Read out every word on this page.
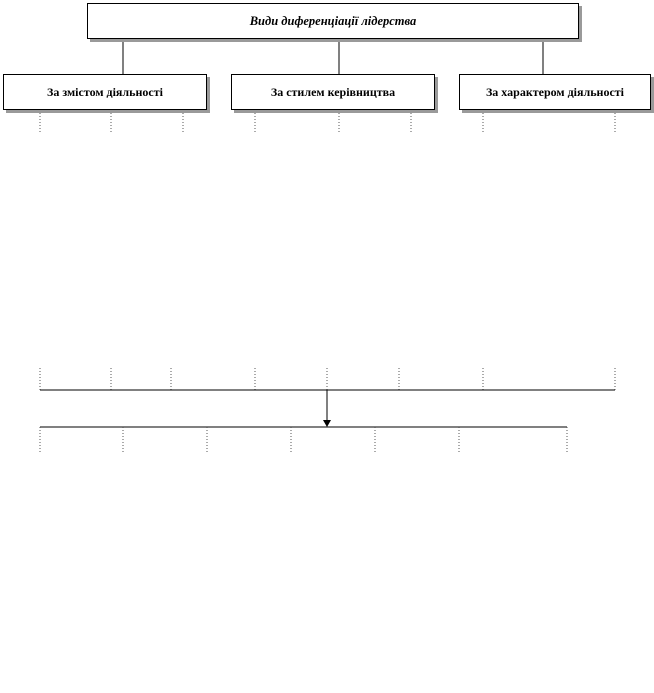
Види диференціації лідерства
За змістом діяльності	За стилем керівництва	За характером діяльності
